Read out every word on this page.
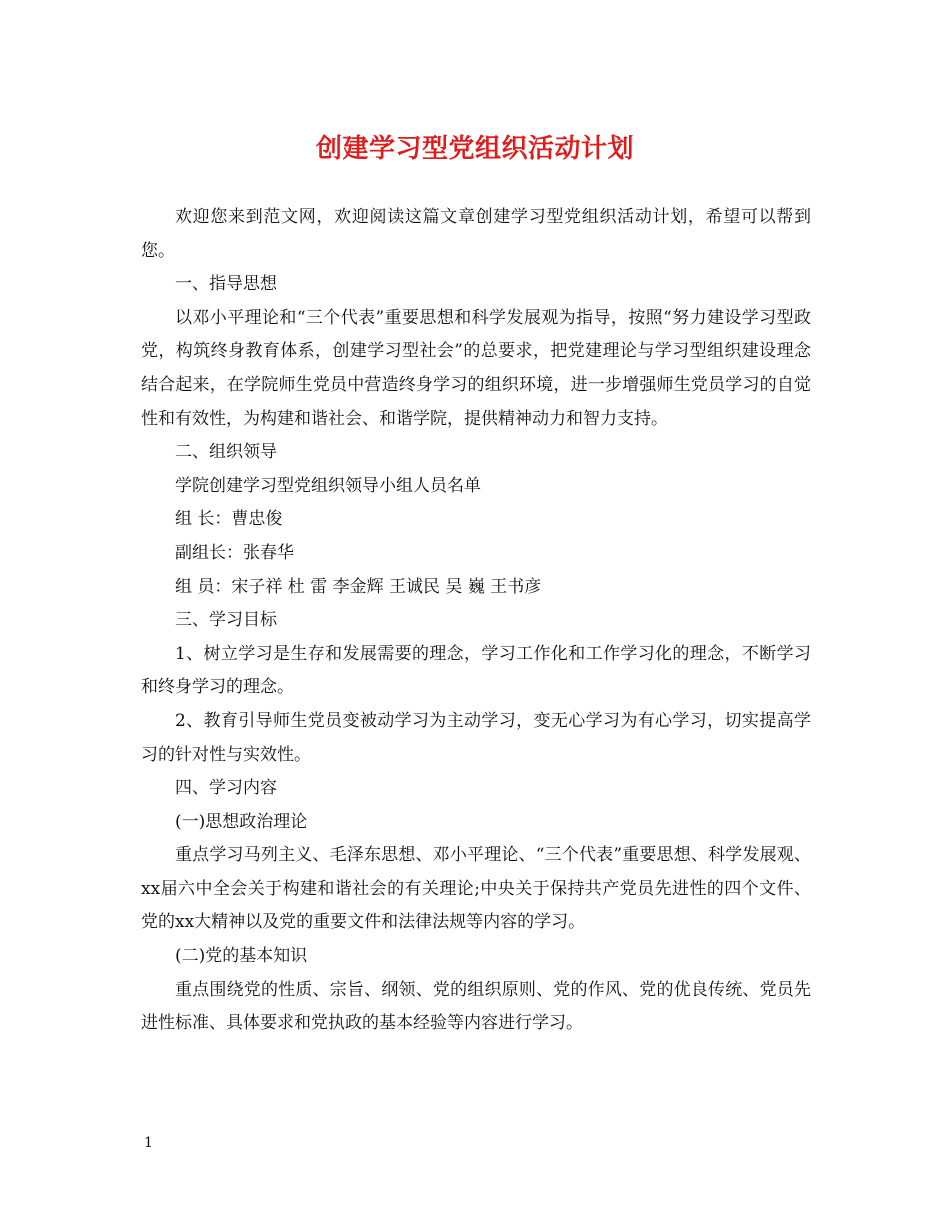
创建学习型党组织活动计划

欢迎您来到范文网，欢迎阅读这篇文章创建学习型党组织活动计划，希望可以帮到您。

一、指导思想

以邓小平理论和“三个代表”重要思想和科学发展观为指导，按照“努力建设学习型政党，构筑终身教育体系，创建学习型社会”的总要求，把党建理论与学习型组织建设理念结合起来，在学院师生党员中营造终身学习的组织环境，进一步增强师生党员学习的自觉性和有效性，为构建和谐社会、和谐学院，提供精神动力和智力支持。

二、组织领导

学院创建学习型党组织领导小组人员名单

组 长：曹忠俊

副组长：张春华

组 员：宋子祥 杜 雷 李金辉 王诚民 吴 巍 王书彦

三、学习目标

1、树立学习是生存和发展需要的理念，学习工作化和工作学习化的理念，不断学习和终身学习的理念。

2、教育引导师生党员变被动学习为主动学习，变无心学习为有心学习，切实提高学习的针对性与实效性。

四、学习内容

(一)思想政治理论

重点学习马列主义、毛泽东思想、邓小平理论、“三个代表”重要思想、科学发展观、xx届六中全会关于构建和谐社会的有关理论;中央关于保持共产党员先进性的四个文件、党的xx大精神以及党的重要文件和法律法规等内容的学习。

(二)党的基本知识

重点围绕党的性质、宗旨、纲领、党的组织原则、党的作风、党的优良传统、党员先进性标准、具体要求和党执政的基本经验等内容进行学习。

1
